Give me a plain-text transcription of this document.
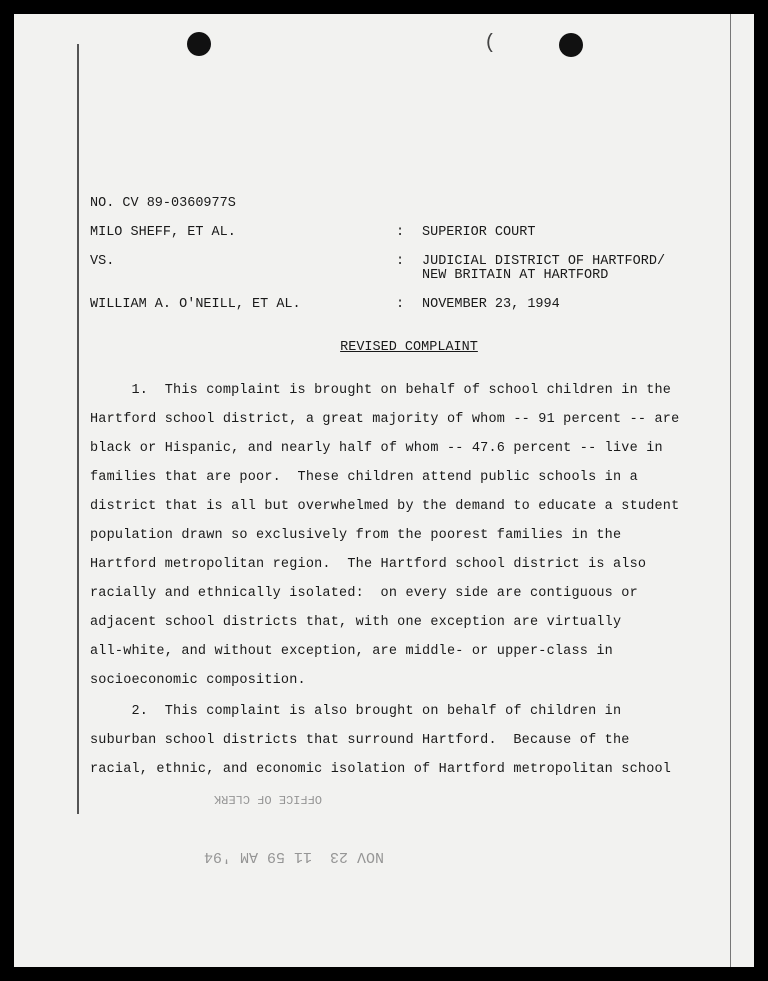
(
NO. CV 89-0360977S
MILO SHEFF, ET AL.	: SUPERIOR COURT
VS.	: JUDICIAL DISTRICT OF HARTFORD/
NEW BRITAIN AT HARTFORD
WILLIAM A. O'NEILL, ET AL.	: NOVEMBER 23, 1994
REVISED COMPLAINT
1.  This complaint is brought on behalf of school children in the
Hartford school district, a great majority of whom -- 91 percent -- are
black or Hispanic, and nearly half of whom -- 47.6 percent -- live in
families that are poor.  These children attend public schools in a
district that is all but overwhelmed by the demand to educate a student
population drawn so exclusively from the poorest families in the
Hartford metropolitan region.  The Hartford school district is also
racially and ethnically isolated:  on every side are contiguous or
adjacent school districts that, with one exception are virtually
all-white, and without exception, are middle- or upper-class in
socioeconomic composition.
2.  This complaint is also brought on behalf of children in
suburban school districts that surround Hartford.  Because of the
racial, ethnic, and economic isolation of Hartford metropolitan school
OFFICE OF CLERK
NOV 23  11 59 AM '94
